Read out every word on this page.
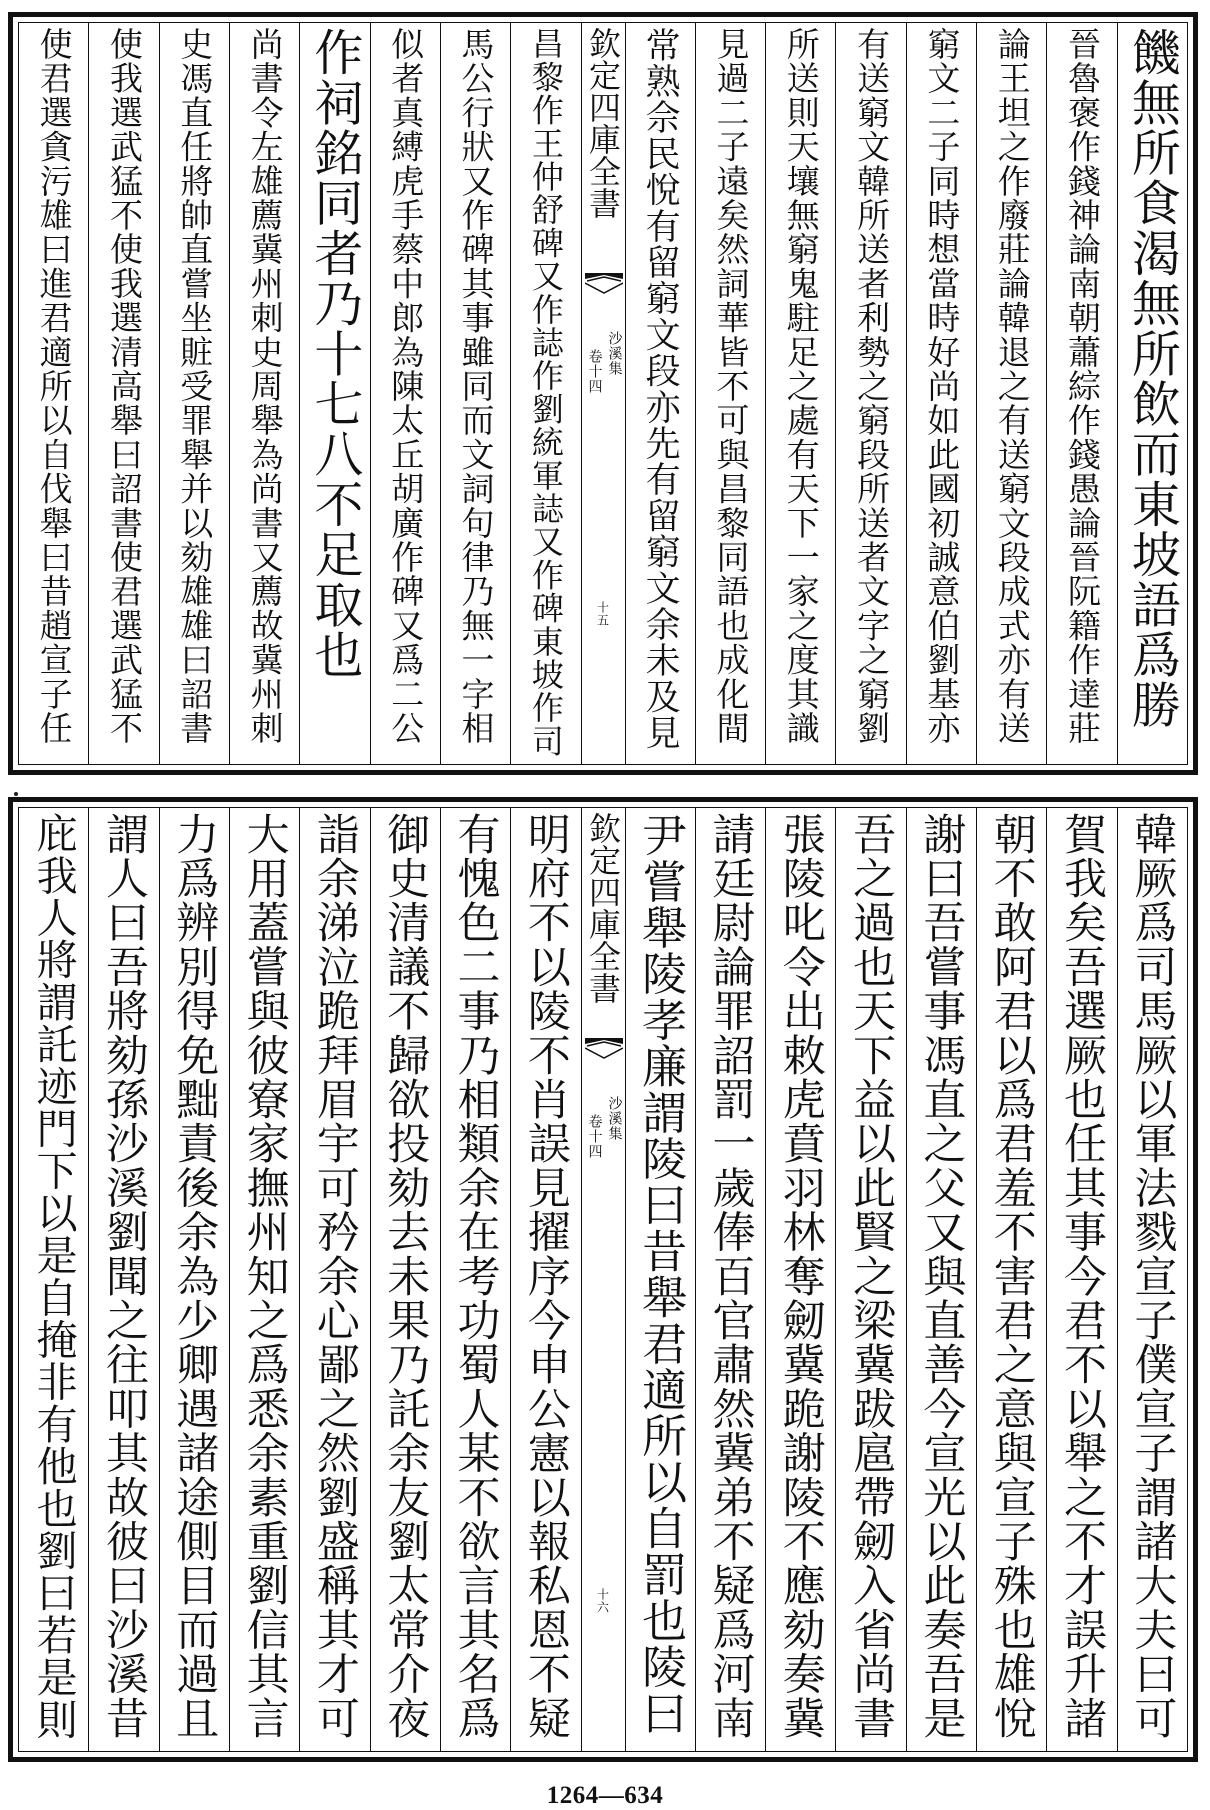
饑無所食渴無所飲而東坡語爲勝
晉魯褒作錢神論南朝蕭綜作錢愚論晉阮籍作達莊
論王坦之作廢莊論韓退之有送窮文段成式亦有送
窮文二子同時想當時好尚如此國初誠意伯劉基亦
有送窮文韓所送者利勢之窮段所送者文字之窮劉
所送則天壤無窮鬼駐足之處有天下一家之度其識
見過二子遠矣然詞華皆不可與昌黎同語也成化間
常熟佘民悅有留窮文段亦先有留窮文余未及見
欽定四庫全書
沙溪集
卷十四
十五
昌黎作王仲舒碑又作誌作劉統軍誌又作碑東坡作司
馬公行狀又作碑其事雖同而文詞句律乃無一字相
似者真縛虎手蔡中郎為陳太丘胡廣作碑又爲二公
作祠銘同者乃十七八不足取也
尚書令左雄薦冀州刺史周舉為尚書又薦故冀州刺
史馮直任將帥直嘗坐賍受罪舉并以劾雄雄曰詔書
使我選武猛不使我選清高舉曰詔書使君選武猛不
使君選貪污雄曰進君適所以自伐舉曰昔趙宣子任
韓厥爲司馬厥以軍法戮宣子僕宣子謂諸大夫曰可
賀我矣吾選厥也任其事今君不以舉之不才誤升諸
朝不敢阿君以爲君羞不害君之意與宣子殊也雄悅
謝曰吾嘗事馮直之父又與直善今宣光以此奏吾是
吾之過也天下益以此賢之梁冀跋扈帶劒入省尚書
張陵叱令出敕虎賁羽林奪劒冀跪謝陵不應劾奏冀
請廷尉論罪詔罰一歲俸百官肅然冀弟不疑爲河南
尹嘗舉陵孝廉謂陵曰昔舉君適所以自罰也陵曰
欽定四庫全書
沙溪集
卷十四
十六
明府不以陵不肖誤見擢序今申公憲以報私恩不疑
有愧色二事乃相類余在考功蜀人某不欲言其名爲
御史清議不歸欲投劾去未果乃託余友劉太常介夜
詣余涕泣跪拜眉宇可矜余心鄙之然劉盛稱其才可
大用蓋嘗與彼寮家撫州知之爲悉余素重劉信其言
力爲辨別得免黜責後余為少卿遇諸途側目而過且
謂人曰吾將劾孫沙溪劉聞之往叩其故彼曰沙溪昔
庇我人將謂託迹門下以是自掩非有他也劉曰若是則
1264—634
